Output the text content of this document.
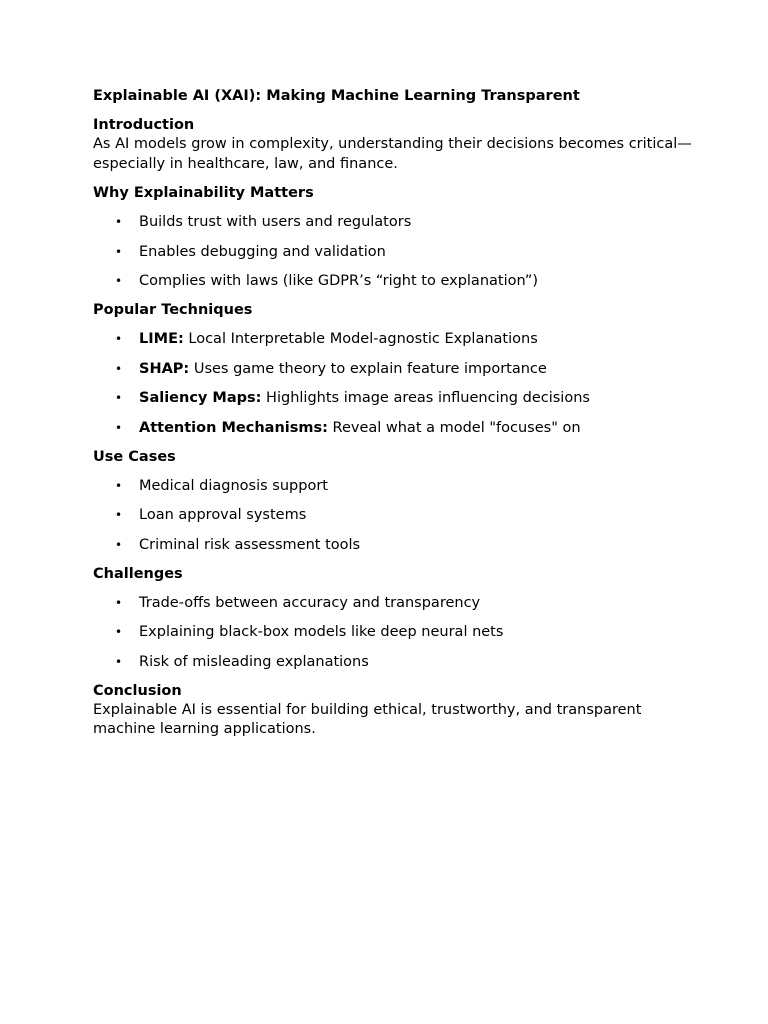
Explainable AI (XAI): Making Machine Learning Transparent
Introduction

As AI models grow in complexity, understanding their decisions becomes critical—especially in healthcare, law, and finance.

Why Explainability Matters
• Builds trust with users and regulators
• Enables debugging and validation
• Complies with laws (like GDPR’s “right to explanation”)
Popular Techniques
• LIME: Local Interpretable Model-agnostic Explanations
• SHAP: Uses game theory to explain feature importance
• Saliency Maps: Highlights image areas influencing decisions
• Attention Mechanisms: Reveal what a model "focuses" on
Use Cases
• Medical diagnosis support
• Loan approval systems
• Criminal risk assessment tools
Challenges
• Trade-offs between accuracy and transparency
• Explaining black-box models like deep neural nets
• Risk of misleading explanations
Conclusion

Explainable AI is essential for building ethical, trustworthy, and transparent machine learning applications.
